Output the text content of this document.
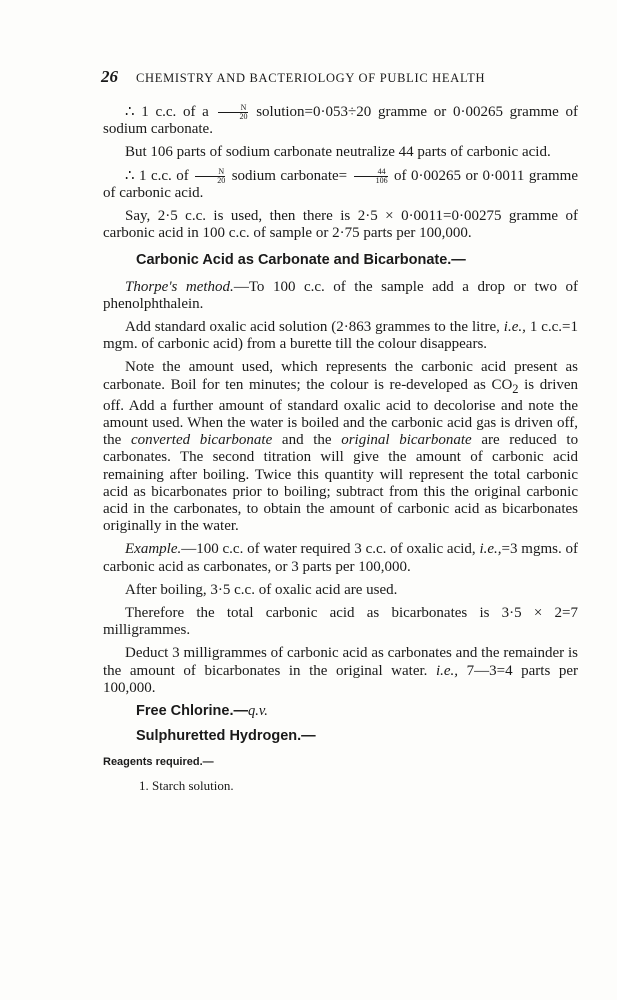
26 CHEMISTRY AND BACTERIOLOGY OF PUBLIC HEALTH

∴ 1 c.c. of a $\frac{N}{20}$ solution=0·053÷20 gramme or 0·00265 gramme of sodium carbonate.

But 106 parts of sodium carbonate neutralize 44 parts of carbonic acid.

∴ 1 c.c. of $\frac{N}{20}$ sodium carbonate= $\frac{44}{106}$ of 0·00265 or 0·0011 gramme of carbonic acid.

Say, 2·5 c.c. is used, then there is 2·5 × 0·0011=0·00275 gramme of carbonic acid in 100 c.c. of sample or 2·75 parts per 100,000.

Carbonic Acid as Carbonate and Bicarbonate.—

Thorpe's method.—To 100 c.c. of the sample add a drop or two of phenolphthalein.

Add standard oxalic acid solution (2·863 grammes to the litre, i.e., 1 c.c.=1 mgm. of carbonic acid) from a burette till the colour disappears.

Note the amount used, which represents the carbonic acid present as carbonate. Boil for ten minutes; the colour is re-developed as $CO_2$ is driven off. Add a further amount of standard oxalic acid to decolorise and note the amount used. When the water is boiled and the carbonic acid gas is driven off, the converted bicarbonate and the original bicarbonate are reduced to carbonates. The second titration will give the amount of carbonic acid remaining after boiling. Twice this quantity will represent the total carbonic acid as bicarbonates prior to boiling; subtract from this the original carbonic acid in the carbonates, to obtain the amount of carbonic acid as bicarbonates originally in the water.

Example.—100 c.c. of water required 3 c.c. of oxalic acid, i.e.,=3 mgms. of carbonic acid as carbonates, or 3 parts per 100,000.

After boiling, 3·5 c.c. of oxalic acid are used.

Therefore the total carbonic acid as bicarbonates is 3·5 × 2=7 milligrammes.

Deduct 3 milligrammes of carbonic acid as carbonates and the remainder is the amount of bicarbonates in the original water. i.e., 7—3=4 parts per 100,000.

Free Chlorine.—q.v.
Sulphuretted Hydrogen.—
Reagents required.—
1. Starch solution.
